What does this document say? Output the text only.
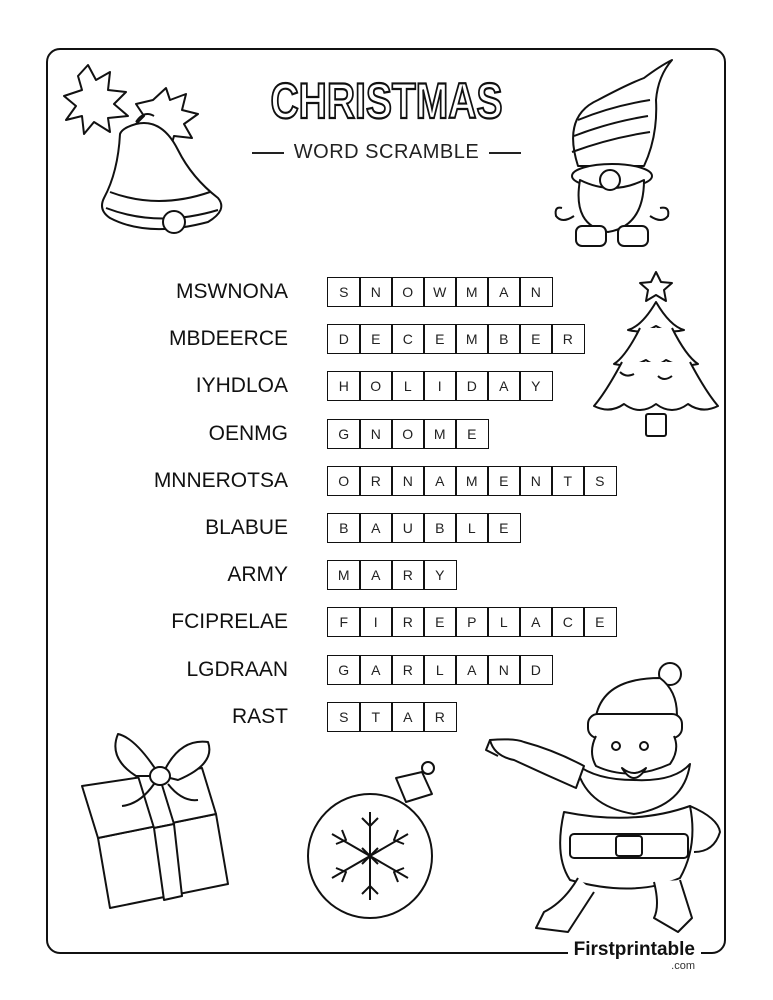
CHRISTMAS
WORD SCRAMBLE
MSWNONA	S	N	O	W	M	A	N
MBDEERCE	D	E	C	E	M	B	E	R
IYHDLOA	H	O	L	I	D	A	Y
OENMG	G	N	O	M	E
MNNEROTSA	O	R	N	A	M	E	N	T	S
BLABUE	B	A	U	B	L	E
ARMY	M	A	R	Y
FCIPRELAE	F	I	R	E	P	L	A	C	E
LGDRAAN	G	A	R	L	A	N	D
RAST	S	T	A	R
Firstprintable
.com
